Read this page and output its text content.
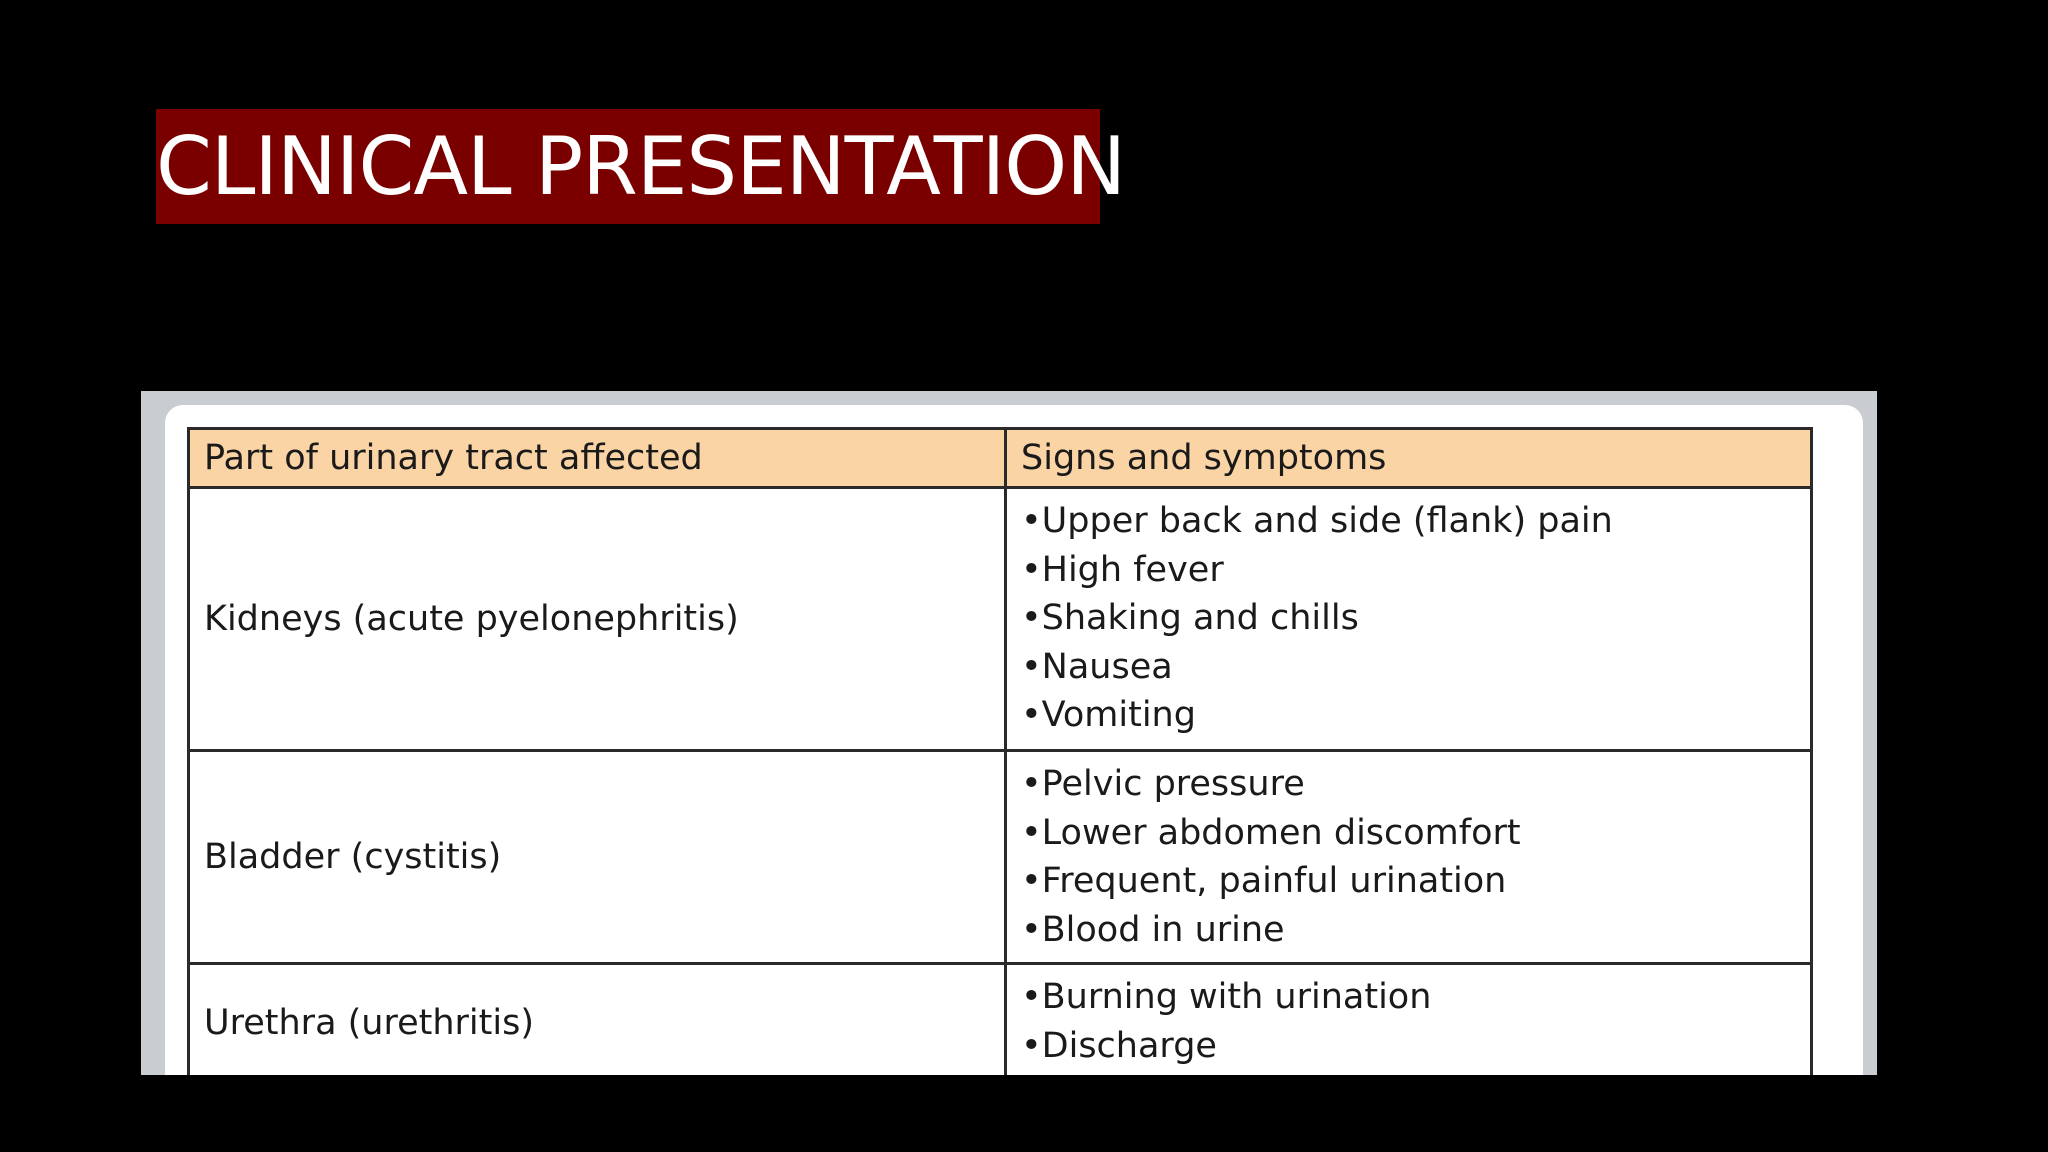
CLINICAL PRESENTATION
Part of urinary tract affected	Signs and symptoms
Kidneys (acute pyelonephritis)	•Upper back and side (flank) pain
•High fever
•Shaking and chills
•Nausea
•Vomiting

Bladder (cystitis)	•Pelvic pressure
•Lower abdomen discomfort
•Frequent, painful urination
•Blood in urine

Urethra (urethritis)	•Burning with urination
•Discharge
